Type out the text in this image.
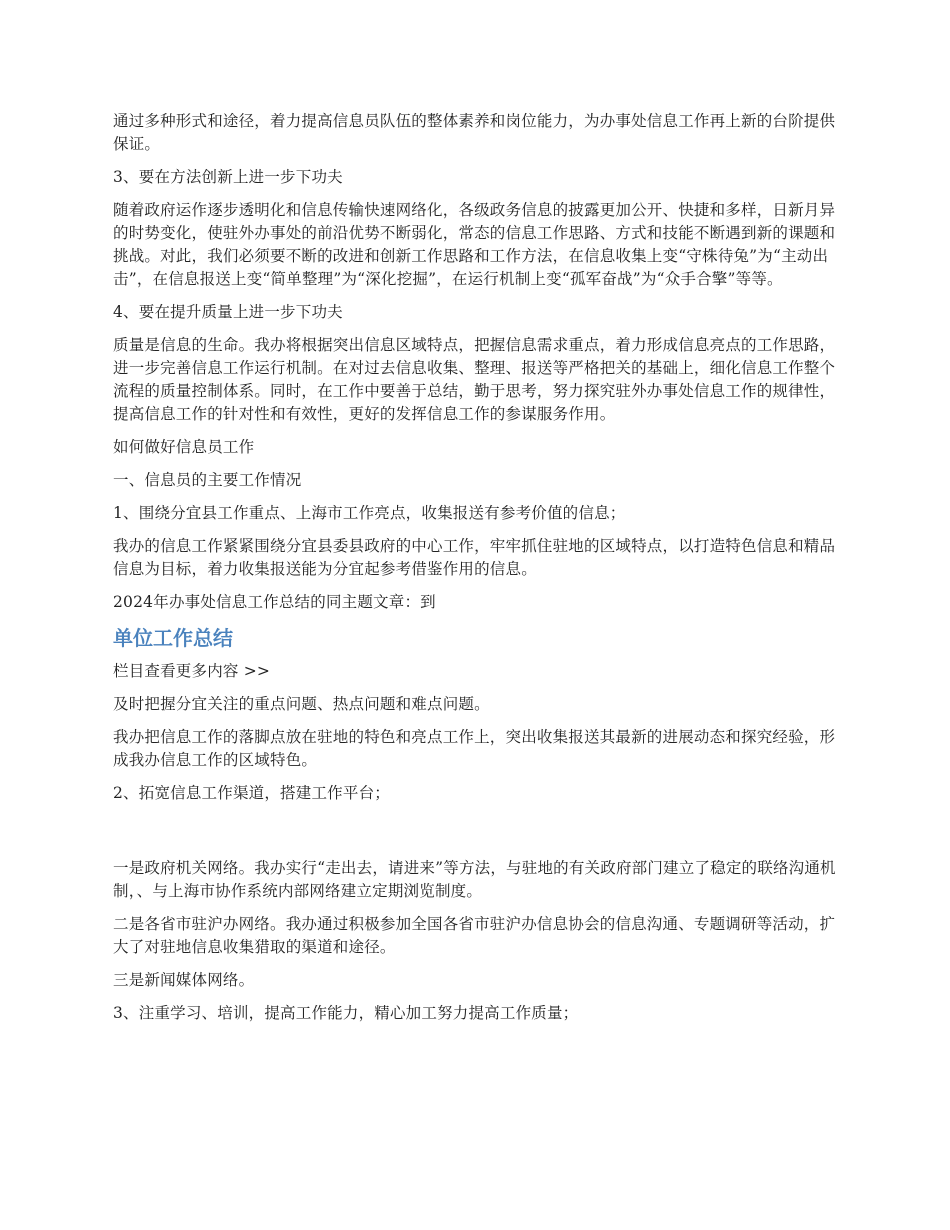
通过多种形式和途径，着力提高信息员队伍的整体素养和岗位能力，为办事处信息工作再上新的台阶提供保证。

3、要在方法创新上进一步下功夫

随着政府运作逐步透明化和信息传输快速网络化，各级政务信息的披露更加公开、快捷和多样，日新月异的时势变化，使驻外办事处的前沿优势不断弱化，常态的信息工作思路、方式和技能不断遇到新的课题和挑战。对此，我们必须要不断的改进和创新工作思路和工作方法，在信息收集上变“守株待兔”为“主动出击”，在信息报送上变“简单整理”为“深化挖掘”，在运行机制上变“孤军奋战”为“众手合擎”等等。

4、要在提升质量上进一步下功夫

质量是信息的生命。我办将根据突出信息区域特点，把握信息需求重点，着力形成信息亮点的工作思路，进一步完善信息工作运行机制。在对过去信息收集、整理、报送等严格把关的基础上，细化信息工作整个流程的质量控制体系。同时，在工作中要善于总结，勤于思考，努力探究驻外办事处信息工作的规律性，提高信息工作的针对性和有效性，更好的发挥信息工作的参谋服务作用。

如何做好信息员工作

一、信息员的主要工作情况

1、围绕分宜县工作重点、上海市工作亮点，收集报送有参考价值的信息；

我办的信息工作紧紧围绕分宜县委县政府的中心工作，牢牢抓住驻地的区域特点，以打造特色信息和精品信息为目标，着力收集报送能为分宜起参考借鉴作用的信息。

2024年办事处信息工作总结的同主题文章：到

单位工作总结

栏目查看更多内容 >>

及时把握分宜关注的重点问题、热点问题和难点问题。

我办把信息工作的落脚点放在驻地的特色和亮点工作上，突出收集报送其最新的进展动态和探究经验，形成我办信息工作的区域特色。

2、拓宽信息工作渠道，搭建工作平台；

一是政府机关网络。我办实行“走出去，请进来”等方法，与驻地的有关政府部门建立了稳定的联络沟通机制，、与上海市协作系统内部网络建立定期浏览制度。

二是各省市驻沪办网络。我办通过积极参加全国各省市驻沪办信息协会的信息沟通、专题调研等活动，扩大了对驻地信息收集猎取的渠道和途径。

三是新闻媒体网络。

3、注重学习、培训，提高工作能力，精心加工努力提高工作质量；
